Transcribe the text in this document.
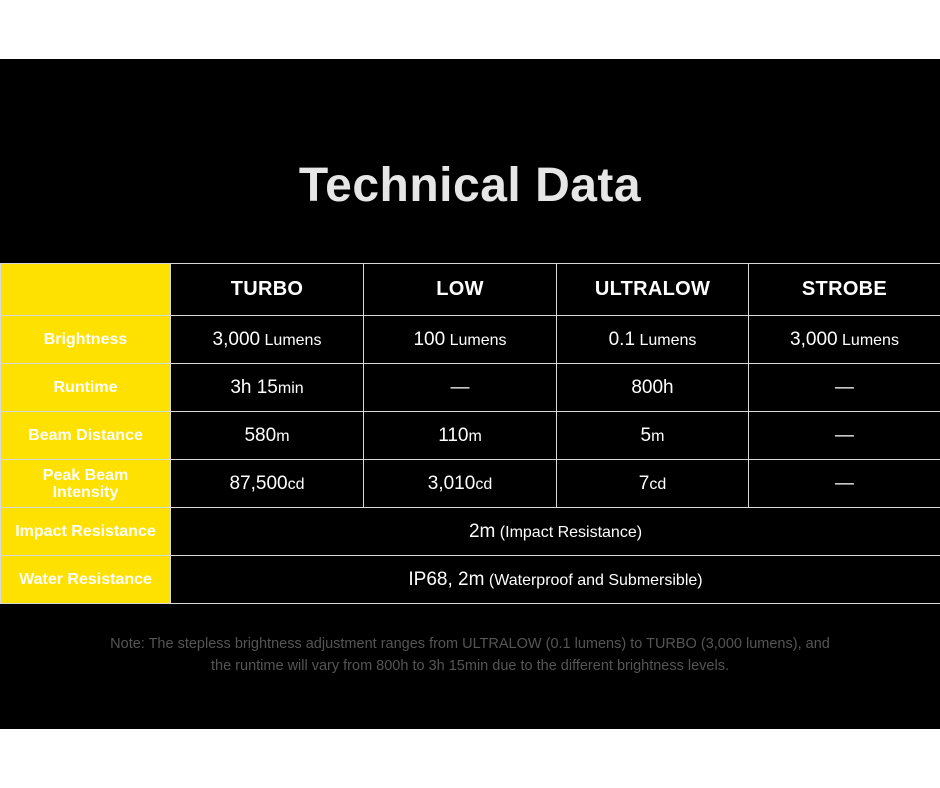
Technical Data
	TURBO	LOW	ULTRALOW	STROBE
Brightness	3,000 Lumens	100 Lumens	0.1 Lumens	3,000 Lumens
Runtime	3h 15min	—	800h	—
Beam Distance	580m	110m	5m	—
Peak Beam Intensity	87,500cd	3,010cd	7cd	—
Impact Resistance	2m (Impact Resistance)			
Water Resistance	IP68, 2m (Waterproof and Submersible)			
Note: The stepless brightness adjustment ranges from ULTRALOW (0.1 lumens) to TURBO (3,000 lumens), and
the runtime will vary from 800h to 3h 15min due to the different brightness levels.
